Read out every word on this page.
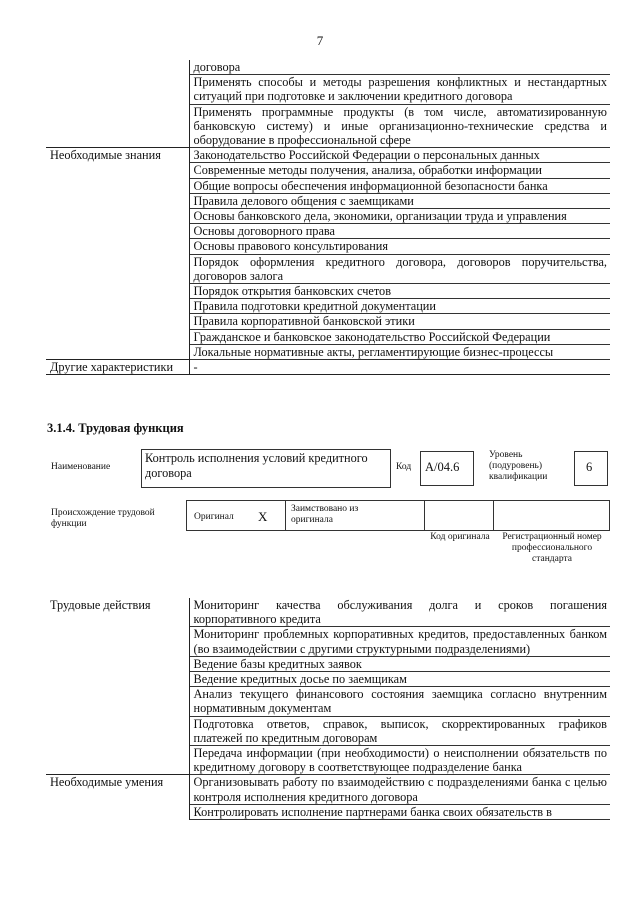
7
	договора
	Применять способы и методы разрешения конфликтных и нестандартных ситуаций при подготовке и заключении кредитного договора
	Применять программные продукты (в том числе, автоматизированную банковскую систему) и иные организационно-технические средства и оборудование в профессиональной сфере
Необходимые знания	Законодательство Российской Федерации о персональных данных
	Современные методы получения, анализа, обработки информации
	Общие вопросы обеспечения информационной безопасности банка
	Правила делового общения с заемщиками
	Основы банковского дела, экономики, организации труда и управления
	Основы договорного права
	Основы правового консультирования
	Порядок оформления кредитного договора, договоров поручительства, договоров залога
	Порядок открытия банковских счетов
	Правила подготовки кредитной документации
	Правила корпоративной банковской этики
	Гражданское и банковское законодательство Российской Федерации
	Локальные нормативные акты, регламентирующие бизнес-процессы
Другие характеристики	-
3.1.4. Трудовая функция
Наименование
Контроль исполнения условий кредитного договора	Код А/04.6
Уровень (подуровень) квалификации
6
Происхождение трудовой функции
Оригинал X Заимствовано из оригинала
Код оригинала Регистрационный номер профессионального стандарта
Трудовые действия	Мониторинг качества обслуживания долга и сроков погашения корпоративного кредита
	Мониторинг проблемных корпоративных кредитов, предоставленных банком (во взаимодействии с другими структурными подразделениями)
	Ведение базы кредитных заявок
	Ведение кредитных досье по заемщикам
	Анализ текущего финансового состояния заемщика согласно внутренним нормативным документам
	Подготовка ответов, справок, выписок, скорректированных графиков платежей по кредитным договорам
	Передача информации (при необходимости) о неисполнении обязательств по кредитному договору в соответствующее подразделение банка
Необходимые умения	Организовывать работу по взаимодействию с подразделениями банка с целью контроля исполнения кредитного договора
	Контролировать исполнение партнерами банка своих обязательств в
